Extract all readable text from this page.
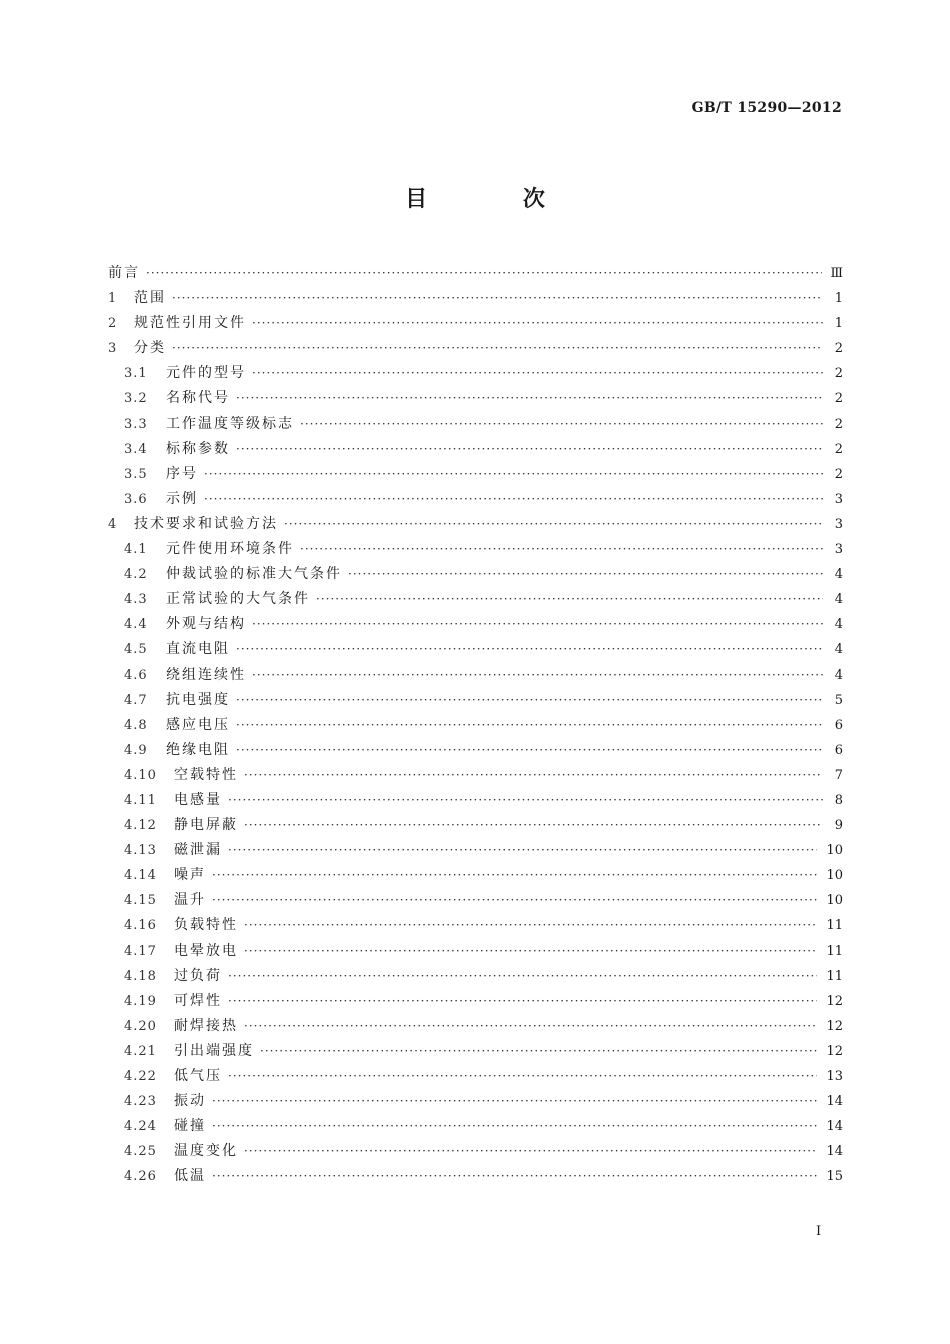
GB/T 15290—2012
目 次
前言 ·····	Ⅲ
1	范围 ·····	1
2	规范性引用文件 ·····	1
3	分类 ·····	2
3.1	元件的型号 ·····	2
3.2	名称代号 ·····	2
3.3	工作温度等级标志 ·····	2
3.4	标称参数 ·····	2
3.5	序号 ·····	2
3.6	示例 ·····	3
4	技术要求和试验方法 ·····	3
4.1	元件使用环境条件 ·····	3
4.2	仲裁试验的标准大气条件 ·····	4
4.3	正常试验的大气条件 ·····	4
4.4	外观与结构 ·····	4
4.5	直流电阻 ·····	4
4.6	绕组连续性 ·····	4
4.7	抗电强度 ·····	5
4.8	感应电压 ·····	6
4.9	绝缘电阻 ·····	6
4.10	空载特性 ·····	7
4.11	电感量 ·····	8
4.12	静电屏蔽 ·····	9
4.13	磁泄漏 ·····	10
4.14	噪声 ·····	10
4.15	温升 ·····	10
4.16	负载特性 ·····	11
4.17	电晕放电 ·····	11
4.18	过负荷 ·····	11
4.19	可焊性 ·····	12
4.20	耐焊接热 ·····	12
4.21	引出端强度 ·····	12
4.22	低气压 ·····	13
4.23	振动 ·····	14
4.24	碰撞 ·····	14
4.25	温度变化 ·····	14
4.26	低温 ·····	15
I
